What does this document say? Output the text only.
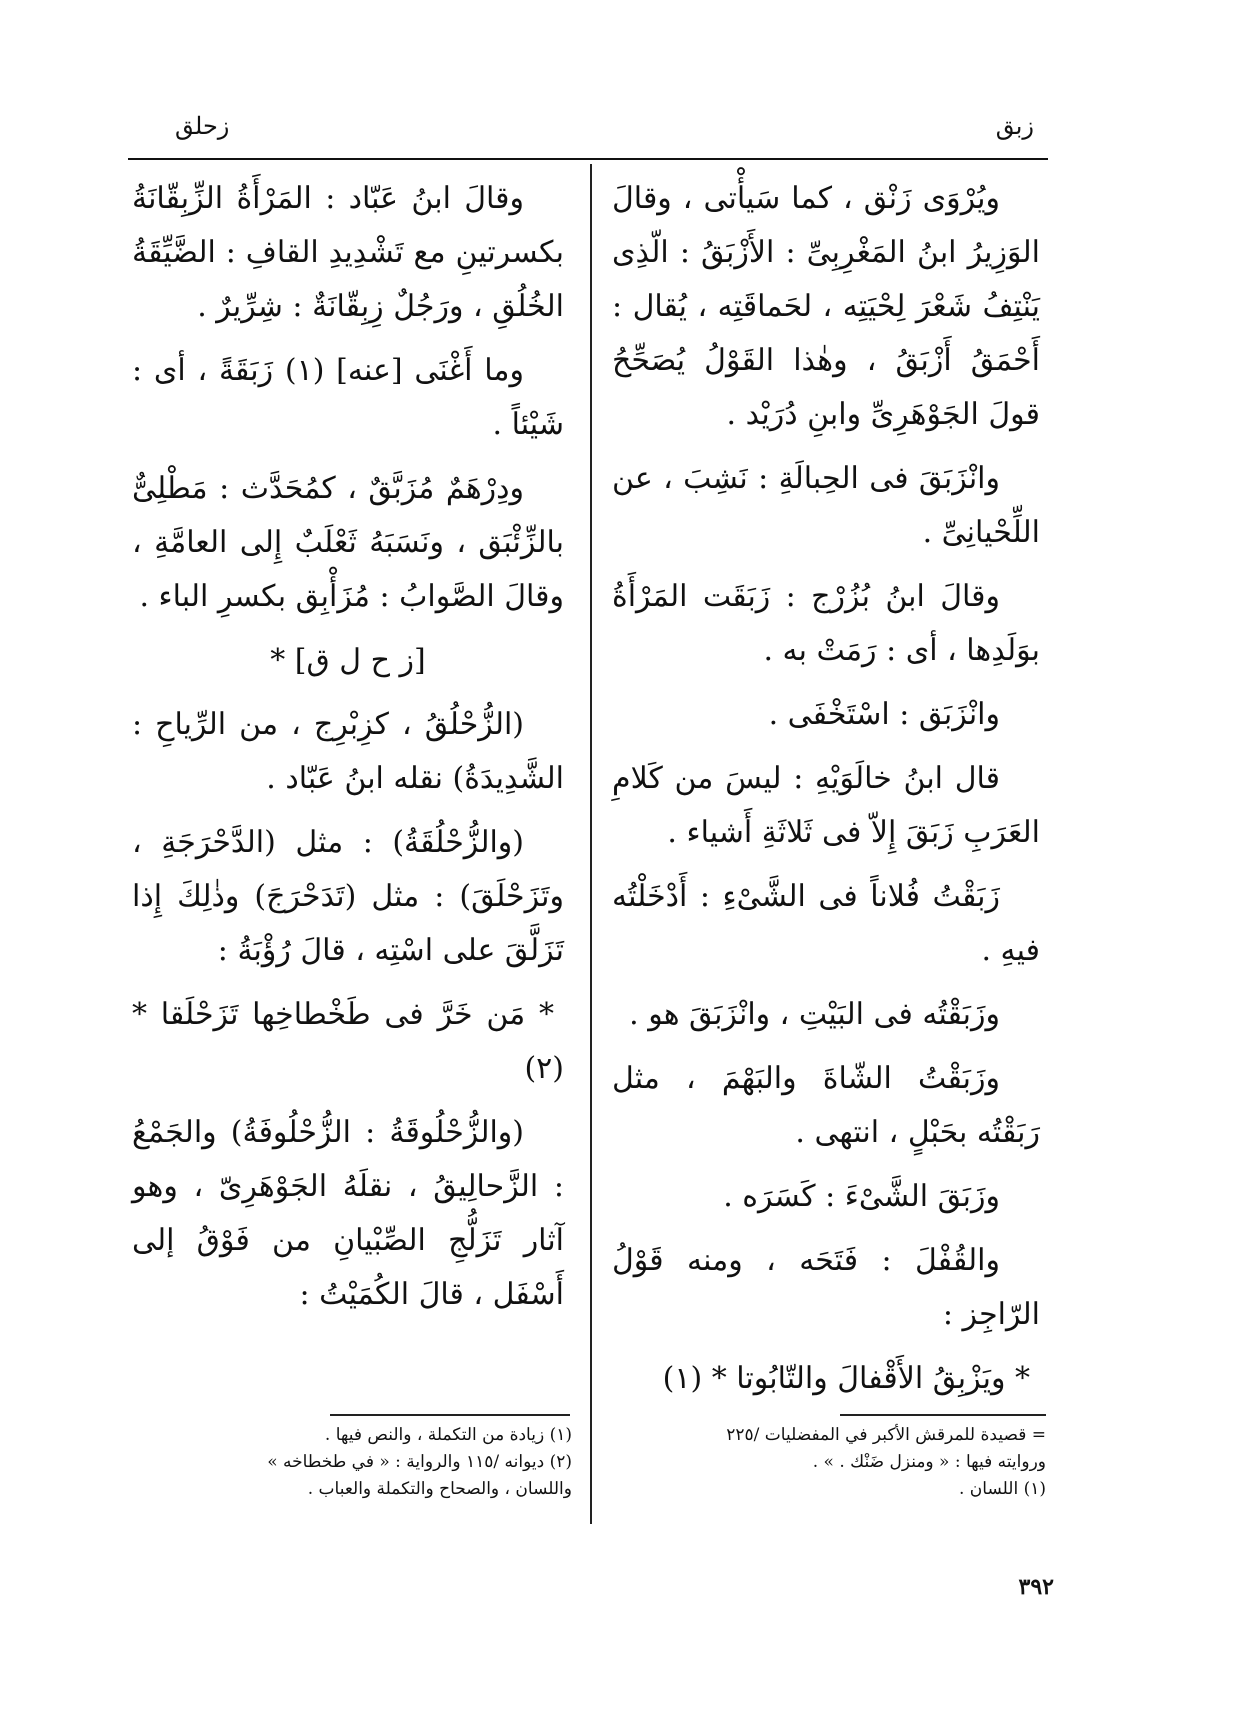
زبق
زحلق

ويُرْوَى زَنْق ، كما سَيأْتى ، وقالَ الوَزِيرُ ابنُ المَغْرِبِىِّ : الأَزْبَقُ : الّذِى يَنْتِفُ شَعْرَ لِحْيَتِه ، لحَماقَتِه ، يُقال : أَحْمَقُ أَزْبَقُ ، وهٰذا القَوْلُ يُصَحِّحُ قولَ الجَوْهَرِىِّ وابنِ دُرَيْد .

وانْزَبَقَ فى الحِبالَةِ : نَشِبَ ، عن اللِّحْيانِىِّ .

وقالَ ابنُ بُزُرْج : زَبَقَت المَرْأَةُ بوَلَدِها ، أى : رَمَتْ به .

وانْزَبَق : اسْتَخْفَى .

قال ابنُ خالَوَيْهِ : ليسَ من كَلامِ العَرَبِ زَبَقَ إِلاّ فى ثَلاثَةِ أَشياء .

زَبَقْتُ فُلاناً فى الشَّىْءِ : أَدْخَلْتُه فيهِ .

وزَبَقْتُه فى البَيْتِ ، وانْزَبَقَ هو .

وزَبَقْتُ الشّاةَ والبَهْمَ ، مثل رَبَقْتُه بحَبْلٍ ، انتهى .

وزَبَقَ الشَّىْءَ : كَسَرَه .

والقُفْلَ : فَتَحَه ، ومنه قَوْلُ الرّاجِز :

* ويَزْبِقُ الأَقْفالَ والتّابُوتا * (١)

وقالَ ابنُ عَبّاد : المَرْأَةُ الزِّبِقّانَةُ بكسرتينِ مع تَشْدِيدِ القافِ : الضَّيِّقَةُ الخُلُقِ ، ورَجُلٌ زِبِقّانَةٌ : شِرِّيرٌ .

وما أَغْنَى [عنه] (١) زَبَقَةً ، أى : شَيْئاً .

ودِرْهَمٌ مُزَبَّقٌ ، كمُحَدَّث : مَطْلِىٌّ بالزِّئْبَق ، ونَسَبَهُ ثَعْلَبٌ إِلى العامَّةِ ، وقالَ الصَّوابُ : مُزَأْبِق بكسرِ الباء .

[ز ح ل ق] *

(الزُّحْلُقُ ، كزِبْرِج ، من الرِّياحِ : الشَّدِيدَةُ) نقله ابنُ عَبّاد .

(والزُّحْلُقَةُ) : مثل (الدَّحْرَجَةِ ، وتَزَحْلَقَ) : مثل (تَدَحْرَجَ) وذٰلِكَ إِذا تَزَلَّقَ على اسْتِه ، قالَ رُؤْبَةُ :

* مَن خَرَّ فى طَخْطاخِها تَزَحْلَقا * (٢)

(والزُّحْلُوقَةُ : الزُّحْلُوفَةُ) والجَمْعُ : الزَّحالِيقُ ، نقلَهُ الجَوْهَرِىّ ، وهو آثار تَزَلُّجِ الصِّبْيانِ من فَوْقُ إلى أَسْفَل ، قالَ الكُمَيْتُ :

= قصيدة للمرقش الأكبر في المفضليات /٢٢٥
وروايته فيها : « ومنزل ضَنْك . » .
(١) اللسان .
(١) زيادة من التكملة ، والنص فيها .
(٢) ديوانه /١١٥ والرواية : « في طخطاخه »
واللسان ، والصحاح والتكملة والعباب .
٣٩٢
